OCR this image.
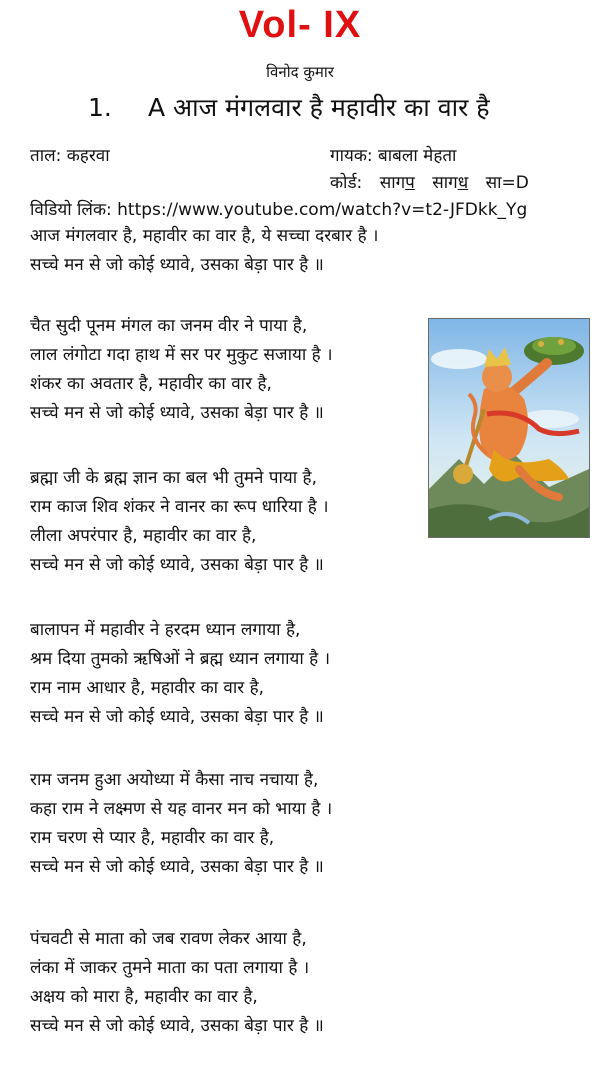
Vol- IX
विनोद कुमार
1. A आज मंगलवार है महावीर का वार है
ताल: कहरवा	गायक: बाबला मेहता
कोर्ड: सागप सागध सा=D
विडियो लिंक: https://www.youtube.com/watch?v=t2-JFDkk_Yg
आज मंगलवार है, महावीर का वार है, ये सच्चा दरबार है ।
सच्चे मन से जो कोई ध्यावे, उसका बेड़ा पार है ॥
चैत सुदी पूनम मंगल का जनम वीर ने पाया है,
लाल लंगोटा गदा हाथ में सर पर मुकुट सजाया है ।
शंकर का अवतार है, महावीर का वार है,
सच्चे मन से जो कोई ध्यावे, उसका बेड़ा पार है ॥
ब्रह्मा जी के ब्रह्म ज्ञान का बल भी तुमने पाया है,
राम काज शिव शंकर ने वानर का रूप धारिया है ।
लीला अपरंपार है, महावीर का वार है,
सच्चे मन से जो कोई ध्यावे, उसका बेड़ा पार है ॥
बालापन में महावीर ने हरदम ध्यान लगाया है,
श्रम दिया तुमको ऋषिओं ने ब्रह्म ध्यान लगाया है ।
राम नाम आधार है, महावीर का वार है,
सच्चे मन से जो कोई ध्यावे, उसका बेड़ा पार है ॥
राम जनम हुआ अयोध्या में कैसा नाच नचाया है,
कहा राम ने लक्ष्मण से यह वानर मन को भाया है ।
राम चरण से प्यार है, महावीर का वार है,
सच्चे मन से जो कोई ध्यावे, उसका बेड़ा पार है ॥
पंचवटी से माता को जब रावण लेकर आया है,
लंका में जाकर तुमने माता का पता लगाया है ।
अक्षय को मारा है, महावीर का वार है,
सच्चे मन से जो कोई ध्यावे, उसका बेड़ा पार है ॥
